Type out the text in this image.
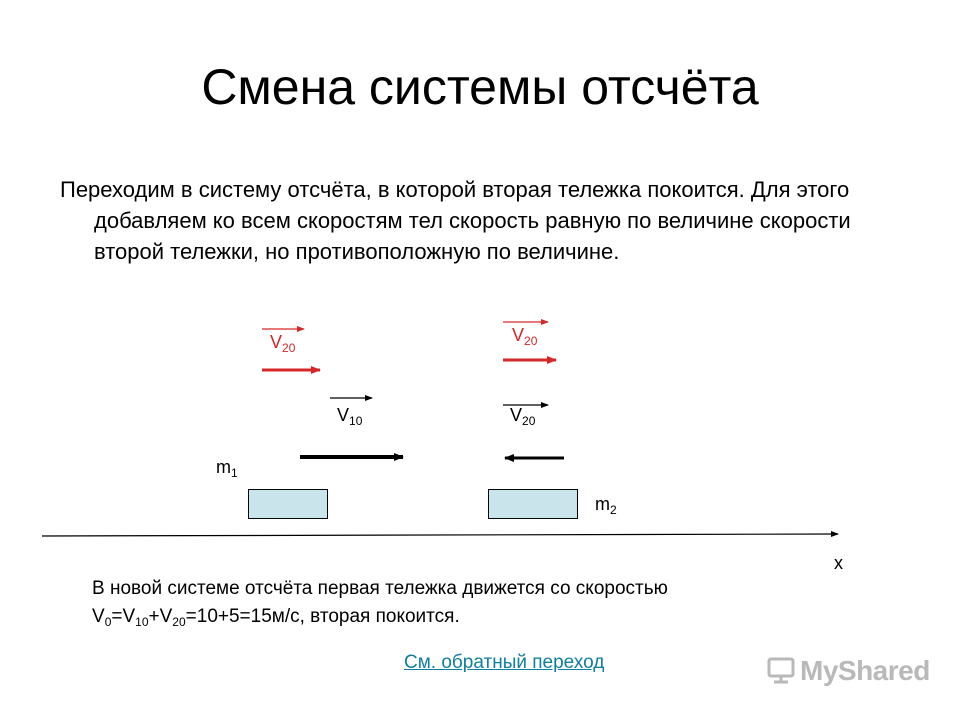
Смена системы отсчёта
Переходим в систему отсчёта, в которой вторая тележка покоится. Для этого добавляем ко всем скоростям тел скорость равную по величине скорости второй тележки, но противоположную по величине.
$V_{20}$
$V_{20}$
$V_{10}$	$V_{20}$
$m_1$
$m_2$
x
В новой системе отсчёта первая тележка движется со скоростью
$V_0=V_{10}+V_{20}=10+5=15м/с$, вторая покоится.
См. обратный переход	MyShared
